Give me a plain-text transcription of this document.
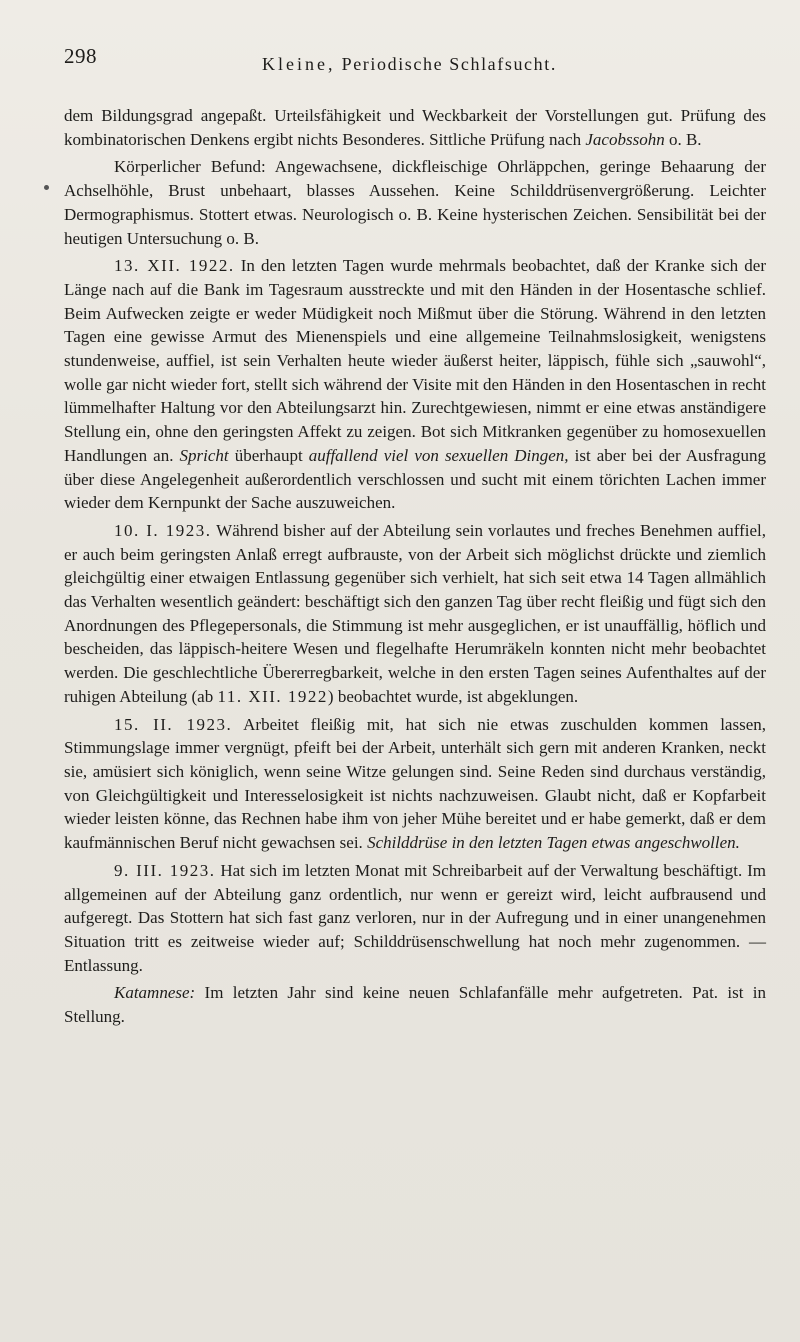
298	Kleine, Periodische Schlafsucht.

dem Bildungsgrad angepaßt. Urteilsfähigkeit und Weckbarkeit der Vorstellungen gut. Prüfung des kombinatorischen Denkens ergibt nichts Besonderes. Sittliche Prüfung nach Jacobssohn o. B.

Körperlicher Befund: Angewachsene, dickfleischige Ohrläppchen, geringe Behaarung der Achselhöhle, Brust unbehaart, blasses Aussehen. Keine Schilddrüsenvergrößerung. Leichter Dermographismus. Stottert etwas. Neurologisch o. B. Keine hysterischen Zeichen. Sensibilität bei der heutigen Untersuchung o. B.

13. XII. 1922. In den letzten Tagen wurde mehrmals beobachtet, daß der Kranke sich der Länge nach auf die Bank im Tagesraum ausstreckte und mit den Händen in der Hosentasche schlief. Beim Aufwecken zeigte er weder Müdigkeit noch Mißmut über die Störung. Während in den letzten Tagen eine gewisse Armut des Mienenspiels und eine allgemeine Teilnahmslosigkeit, wenigstens stundenweise, auffiel, ist sein Verhalten heute wieder äußerst heiter, läppisch, fühle sich „sauwohl“, wolle gar nicht wieder fort, stellt sich während der Visite mit den Händen in den Hosentaschen in recht lümmelhafter Haltung vor den Abteilungsarzt hin. Zurechtgewiesen, nimmt er eine etwas anständigere Stellung ein, ohne den geringsten Affekt zu zeigen. Bot sich Mitkranken gegenüber zu homosexuellen Handlungen an. Spricht überhaupt auffallend viel von sexuellen Dingen, ist aber bei der Ausfragung über diese Angelegenheit außerordentlich verschlossen und sucht mit einem törichten Lachen immer wieder dem Kernpunkt der Sache auszuweichen.

10. I. 1923. Während bisher auf der Abteilung sein vorlautes und freches Benehmen auffiel, er auch beim geringsten Anlaß erregt aufbrauste, von der Arbeit sich möglichst drückte und ziemlich gleichgültig einer etwaigen Entlassung gegenüber sich verhielt, hat sich seit etwa 14 Tagen allmählich das Verhalten wesentlich geändert: beschäftigt sich den ganzen Tag über recht fleißig und fügt sich den Anordnungen des Pflegepersonals, die Stimmung ist mehr ausgeglichen, er ist unauffällig, höflich und bescheiden, das läppisch-heitere Wesen und flegelhafte Herumräkeln konnten nicht mehr beobachtet werden. Die geschlechtliche Übererregbarkeit, welche in den ersten Tagen seines Aufenthaltes auf der ruhigen Abteilung (ab 11. XII. 1922) beobachtet wurde, ist abgeklungen.

15. II. 1923. Arbeitet fleißig mit, hat sich nie etwas zuschulden kommen lassen, Stimmungslage immer vergnügt, pfeift bei der Arbeit, unterhält sich gern mit anderen Kranken, neckt sie, amüsiert sich königlich, wenn seine Witze gelungen sind. Seine Reden sind durchaus verständig, von Gleichgültigkeit und Interesselosigkeit ist nichts nachzuweisen. Glaubt nicht, daß er Kopfarbeit wieder leisten könne, das Rechnen habe ihm von jeher Mühe bereitet und er habe gemerkt, daß er dem kaufmännischen Beruf nicht gewachsen sei. Schilddrüse in den letzten Tagen etwas angeschwollen.

9. III. 1923. Hat sich im letzten Monat mit Schreibarbeit auf der Verwaltung beschäftigt. Im allgemeinen auf der Abteilung ganz ordentlich, nur wenn er gereizt wird, leicht aufbrausend und aufgeregt. Das Stottern hat sich fast ganz verloren, nur in der Aufregung und in einer unangenehmen Situation tritt es zeitweise wieder auf; Schilddrüsenschwellung hat noch mehr zugenommen. — Entlassung.

Katamnese: Im letzten Jahr sind keine neuen Schlafanfälle mehr aufgetreten. Pat. ist in Stellung.
